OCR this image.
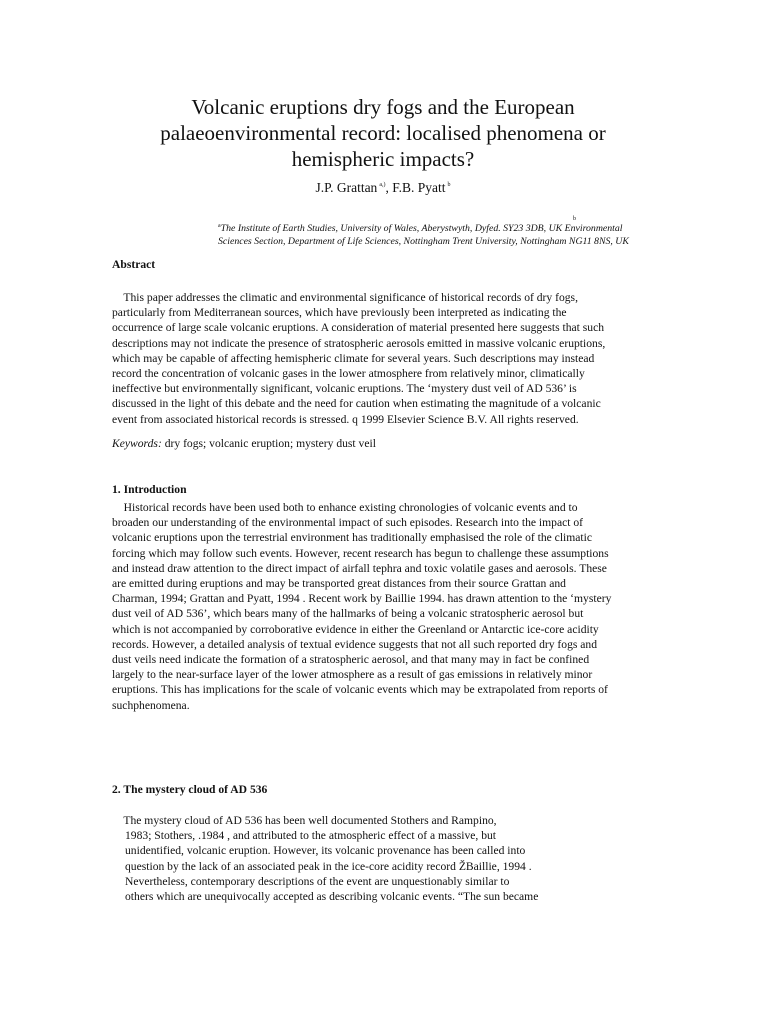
Volcanic eruptions dry fogs and the European
palaeoenvironmental record: localised phenomena or
hemispheric impacts?
J.P. Grattan $^{a,)}$, F.B. Pyatt $^b$
b
$^a$The Institute of Earth Studies, University of Wales, Aberystwyth, Dyfed. SY23 3DB, UK Environmental
Sciences Section, Department of Life Sciences, Nottingham Trent University, Nottingham NG11 8NS, UK
Abstract
This paper addresses the climatic and environmental significance of historical records of dry fogs,
particularly from Mediterranean sources, which have previously been interpreted as indicating the
occurrence of large scale volcanic eruptions. A consideration of material presented here suggests that such
descriptions may not indicate the presence of stratospheric aerosols emitted in massive volcanic eruptions,
which may be capable of affecting hemispheric climate for several years. Such descriptions may instead
record the concentration of volcanic gases in the lower atmosphere from relatively minor, climatically
ineffective but environmentally significant, volcanic eruptions. The ‘mystery dust veil of AD 536’ is
discussed in the light of this debate and the need for caution when estimating the magnitude of a volcanic
event from associated historical records is stressed. q 1999 Elsevier Science B.V. All rights reserved.
Keywords: dry fogs; volcanic eruption; mystery dust veil
1. Introduction
Historical records have been used both to enhance existing chronologies of volcanic events and to
broaden our understanding of the environmental impact of such episodes. Research into the impact of
volcanic eruptions upon the terrestrial environment has traditionally emphasised the role of the climatic
forcing which may follow such events. However, recent research has begun to challenge these assumptions
and instead draw attention to the direct impact of airfall tephra and toxic volatile gases and aerosols. These
are emitted during eruptions and may be transported great distances from their source Grattan and
Charman, 1994; Grattan and Pyatt, 1994 . Recent work by Baillie 1994. has drawn attention to the ‘mystery
dust veil of AD 536’, which bears many of the hallmarks of being a volcanic stratospheric aerosol but
which is not accompanied by corroborative evidence in either the Greenland or Antarctic ice-core acidity
records. However, a detailed analysis of textual evidence suggests that not all such reported dry fogs and
dust veils need indicate the formation of a stratospheric aerosol, and that many may in fact be confined
largely to the near-surface layer of the lower atmosphere as a result of gas emissions in relatively minor
eruptions. This has implications for the scale of volcanic events which may be extrapolated from reports of
suchphenomena.
2. The mystery cloud of AD 536
The mystery cloud of AD 536 has been well documented Stothers and Rampino,
1983; Stothers, .1984 , and attributed to the atmospheric effect of a massive, but
unidentified, volcanic eruption. However, its volcanic provenance has been called into
question by the lack of an associated peak in the ice-core acidity record ŽBaillie, 1994 .
Nevertheless, contemporary descriptions of the event are unquestionably similar to
others which are unequivocally accepted as describing volcanic events. “The sun became
